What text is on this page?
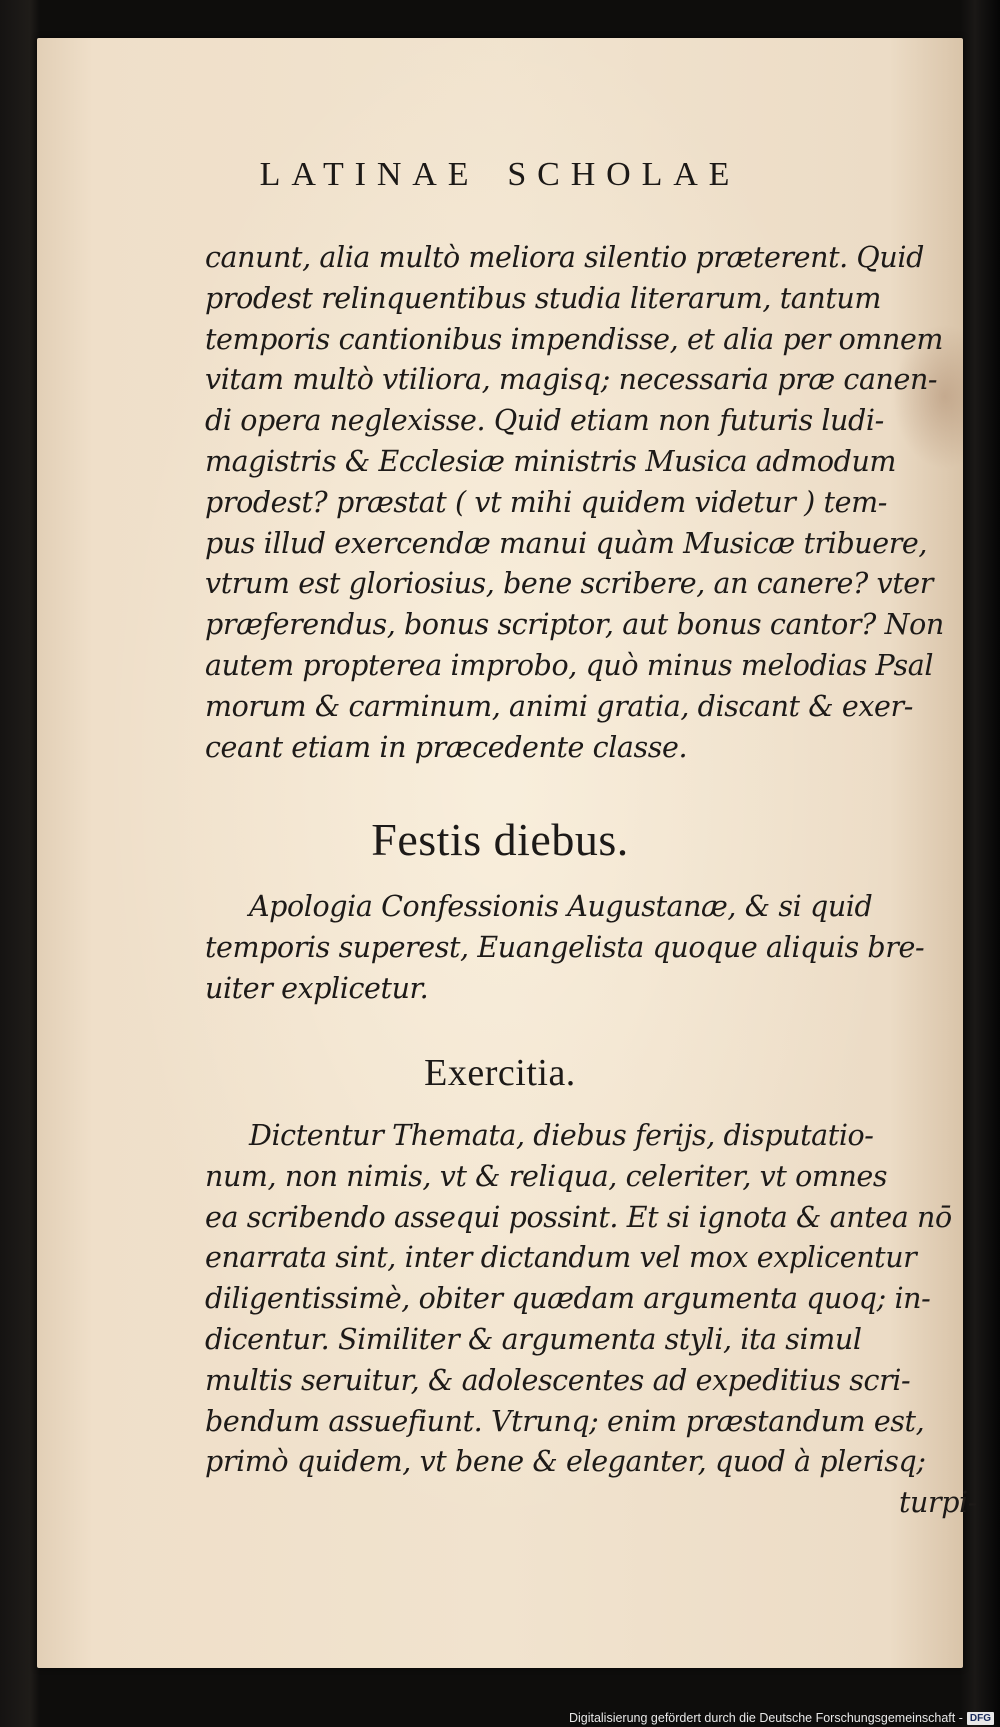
LATINAE SCHOLAE
canunt, alia multò meliora silentio præterent. Quid
prodest relinquentibus studia literarum, tantum
temporis cantionibus impendisse, et alia per omnem
vitam multò vtiliora, magisq; necessaria præ canen-
di opera neglexisse. Quid etiam non futuris ludi-
magistris & Ecclesiæ ministris Musica admodum
prodest? præstat ( vt mihi quidem videtur ) tem-
pus illud exercendæ manui quàm Musicæ tribuere,
vtrum est gloriosius, bene scribere, an canere? vter
præferendus, bonus scriptor, aut bonus cantor? Non
autem propterea improbo, quò minus melodias Psal
morum & carminum, animi gratia, discant & exer-
ceant etiam in præcedente classe.
Festis diebus.
Apologia Confessionis Augustanæ, & si quid
temporis superest, Euangelista quoque aliquis bre-
uiter explicetur.
Exercitia.
Dictentur Themata, diebus ferijs, disputatio-
num, non nimis, vt & reliqua, celeriter, vt omnes
ea scribendo assequi possint. Et si ignota & antea nō
enarrata sint, inter dictandum vel mox explicentur
diligentissimè, obiter quædam argumenta quoq; in-
dicentur. Similiter & argumenta styli, ita simul
multis seruitur, & adolescentes ad expeditius scri-
bendum assuefiunt. Vtrunq; enim præstandum est,
primò quidem, vt bene & eleganter, quod à plerisq;
turpi-
Digitalisierung gefördert durch die Deutsche Forschungsgemeinschaft - DFG
